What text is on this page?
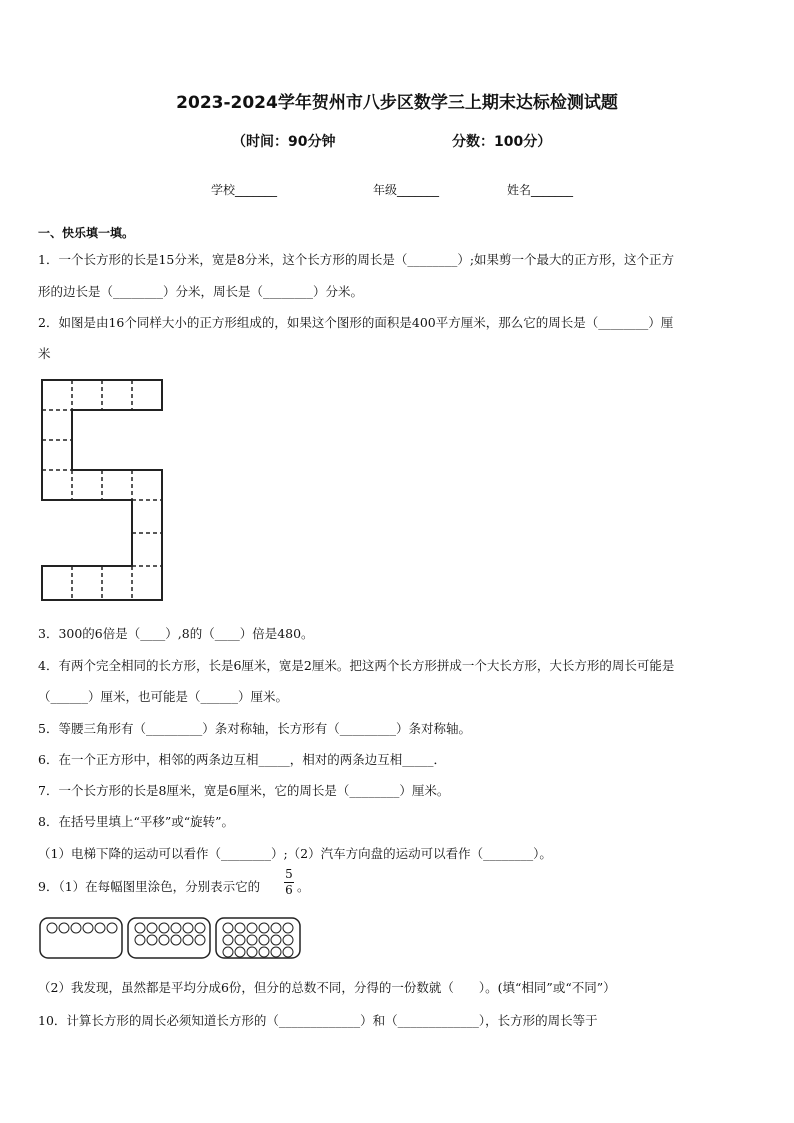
2023-2024学年贺州市八步区数学三上期末达标检测试题
（时间：90分钟	分数：100分）
学校_______	年级_______	姓名_______
一、快乐填一填。
1．一个长方形的长是15分米，宽是8分米，这个长方形的周长是（________）;如果剪一个最大的正方形，这个正方
形的边长是（________）分米，周长是（________）分米。
2．如图是由16个同样大小的正方形组成的，如果这个图形的面积是400平方厘米，那么它的周长是（________）厘
米
3．300的6倍是（____）,8的（____）倍是480。
4．有两个完全相同的长方形，长是6厘米，宽是2厘米。把这两个长方形拼成一个大长方形，大长方形的周长可能是
（______）厘米，也可能是（______）厘米。
5．等腰三角形有（_________）条对称轴，长方形有（_________）条对称轴。
6．在一个正方形中，相邻的两条边互相_____，相对的两条边互相_____．
7．一个长方形的长是8厘米，宽是6厘米，它的周长是（________）厘米。
8．在括号里填上“平移”或“旋转”。
（1）电梯下降的运动可以看作（________）;（2）汽车方向盘的运动可以看作（________）。
9．（1）在每幅图里涂色，分别表示它的
5
6 。
（2）我发现，虽然都是平均分成6份，但分的总数不同，分得的一份数就（　　）。(填“相同”或“不同”）
10．计算长方形的周长必须知道长方形的（_____________）和（_____________），长方形的周长等于
